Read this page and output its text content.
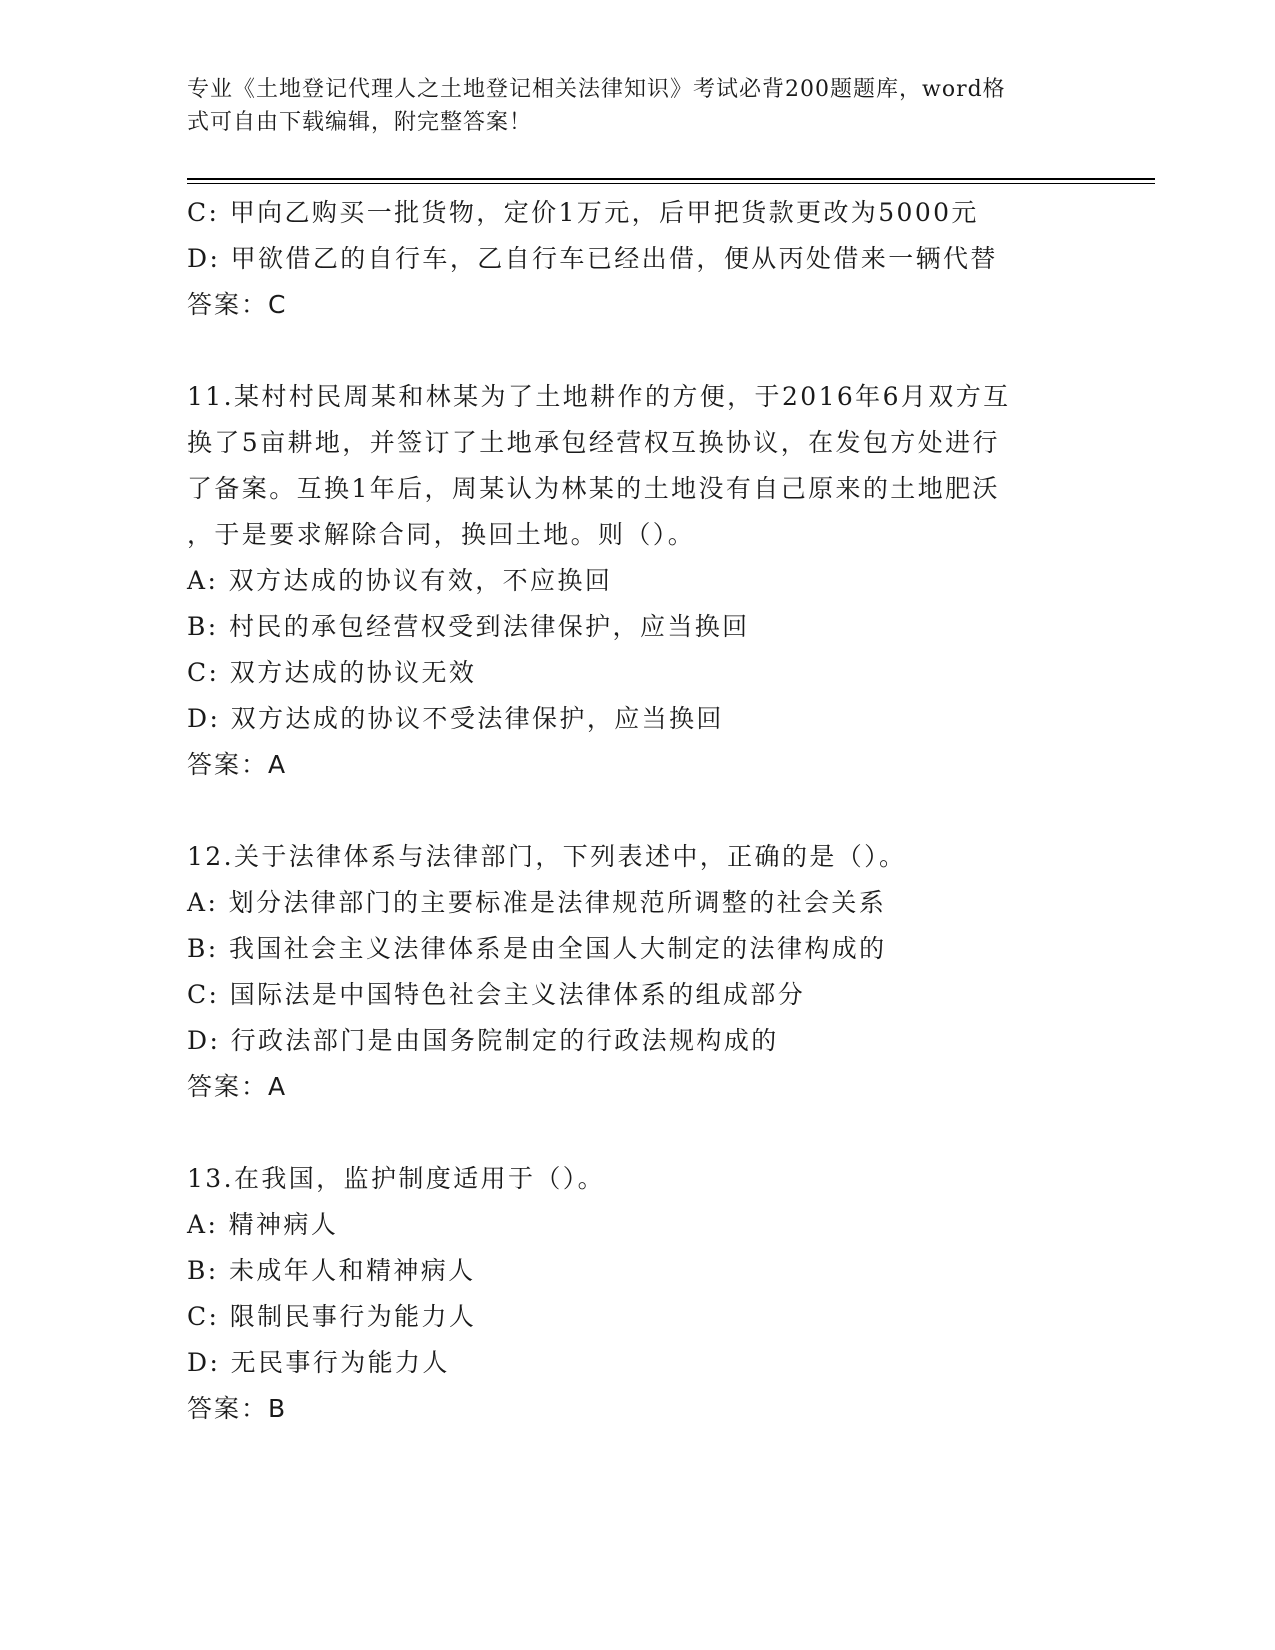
专业《土地登记代理人之土地登记相关法律知识》考试必背200题题库，word格
式可自由下载编辑，附完整答案！
C: 甲向乙购买一批货物，定价1万元，后甲把货款更改为5000元
D: 甲欲借乙的自行车，乙自行车已经出借，便从丙处借来一辆代替
答案：C
11.某村村民周某和林某为了土地耕作的方便，于2016年6月双方互
换了5亩耕地，并签订了土地承包经营权互换协议，在发包方处进行
了备案。互换1年后，周某认为林某的土地没有自己原来的土地肥沃
，于是要求解除合同，换回土地。则（）。
A: 双方达成的协议有效，不应换回
B: 村民的承包经营权受到法律保护，应当换回
C: 双方达成的协议无效
D: 双方达成的协议不受法律保护，应当换回
答案：A
12.关于法律体系与法律部门，下列表述中，正确的是（）。
A: 划分法律部门的主要标准是法律规范所调整的社会关系
B: 我国社会主义法律体系是由全国人大制定的法律构成的
C: 国际法是中国特色社会主义法律体系的组成部分
D: 行政法部门是由国务院制定的行政法规构成的
答案：A
13.在我国，监护制度适用于（）。
A: 精神病人
B: 未成年人和精神病人
C: 限制民事行为能力人
D: 无民事行为能力人
答案：B
